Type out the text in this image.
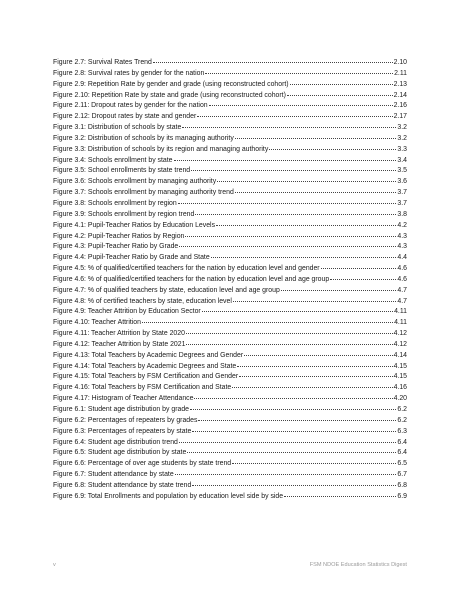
Figure 2.7: Survival Rates Trend	2.10
Figure 2.8: Survival rates by gender for the nation	2.11
Figure 2.9: Repetition Rate by gender and grade (using reconstructed cohort)	2.13
Figure 2.10: Repetition Rate by state and grade (using reconstructed cohort)	2.14
Figure 2.11: Dropout rates by gender for the nation	2.16
Figure 2.12: Dropout rates by state and gender	2.17
Figure 3.1: Distribution of schools by state	3.2
Figure 3.2: Distribution of schools by its managing authority	3.2
Figure 3.3: Distribution of schools by its region and managing authority	3.3
Figure 3.4: Schools enrollment by state	3.4
Figure 3.5: School enrollments by state trend	3.5
Figure 3.6: Schools enrollment by managing authority	3.6
Figure 3.7: Schools enrollment by managing authority trend	3.7
Figure 3.8: Schools enrollment by region	3.7
Figure 3.9: Schools enrollment by region trend	3.8
Figure 4.1: Pupil-Teacher Ratios by Education Levels	4.2
Figure 4.2: Pupil-Teacher Ratios by Region	4.3
Figure 4.3: Pupil-Teacher Ratio by Grade	4.3
Figure 4.4: Pupil-Teacher Ratio by Grade and State	4.4
Figure 4.5: % of qualified/certified teachers for the nation by education level and gender	4.6
Figure 4.6: % of qualified/certified teachers for the nation by education level and age group	4.6
Figure 4.7: % of qualified teachers by state, education level and age group	4.7
Figure 4.8: % of certified teachers by state, education level	4.7
Figure 4.9: Teacher Attrition by Education Sector	4.11
Figure 4.10: Teacher Attrition	4.11
Figure 4.11: Teacher Attrition by State 2020	4.12
Figure 4.12: Teacher Attrition by State 2021	4.12
Figure 4.13: Total Teachers by Academic Degrees and Gender	4.14
Figure 4.14: Total Teachers by Academic Degrees and State	4.15
Figure 4.15: Total Teachers by FSM Certification and Gender	4.15
Figure 4.16: Total Teachers by FSM Certification and State	4.16
Figure 4.17: Histogram of Teacher Attendance	4.20
Figure 6.1: Student age distribution by grade	6.2
Figure 6.2: Percentages of repeaters by grades	6.2
Figure 6.3: Percentages of repeaters by state	6.3
Figure 6.4: Student age distribution trend	6.4
Figure 6.5: Student age distribution by state	6.4
Figure 6.6: Percentage of over age students by state trend	6.5
Figure 6.7: Student attendance by state	6.7
Figure 6.8: Student attendance by state trend	6.8
Figure 6.9: Total Enrollments and population by education level side by side	6.9
v	FSM NDOE Education Statistics Digest
